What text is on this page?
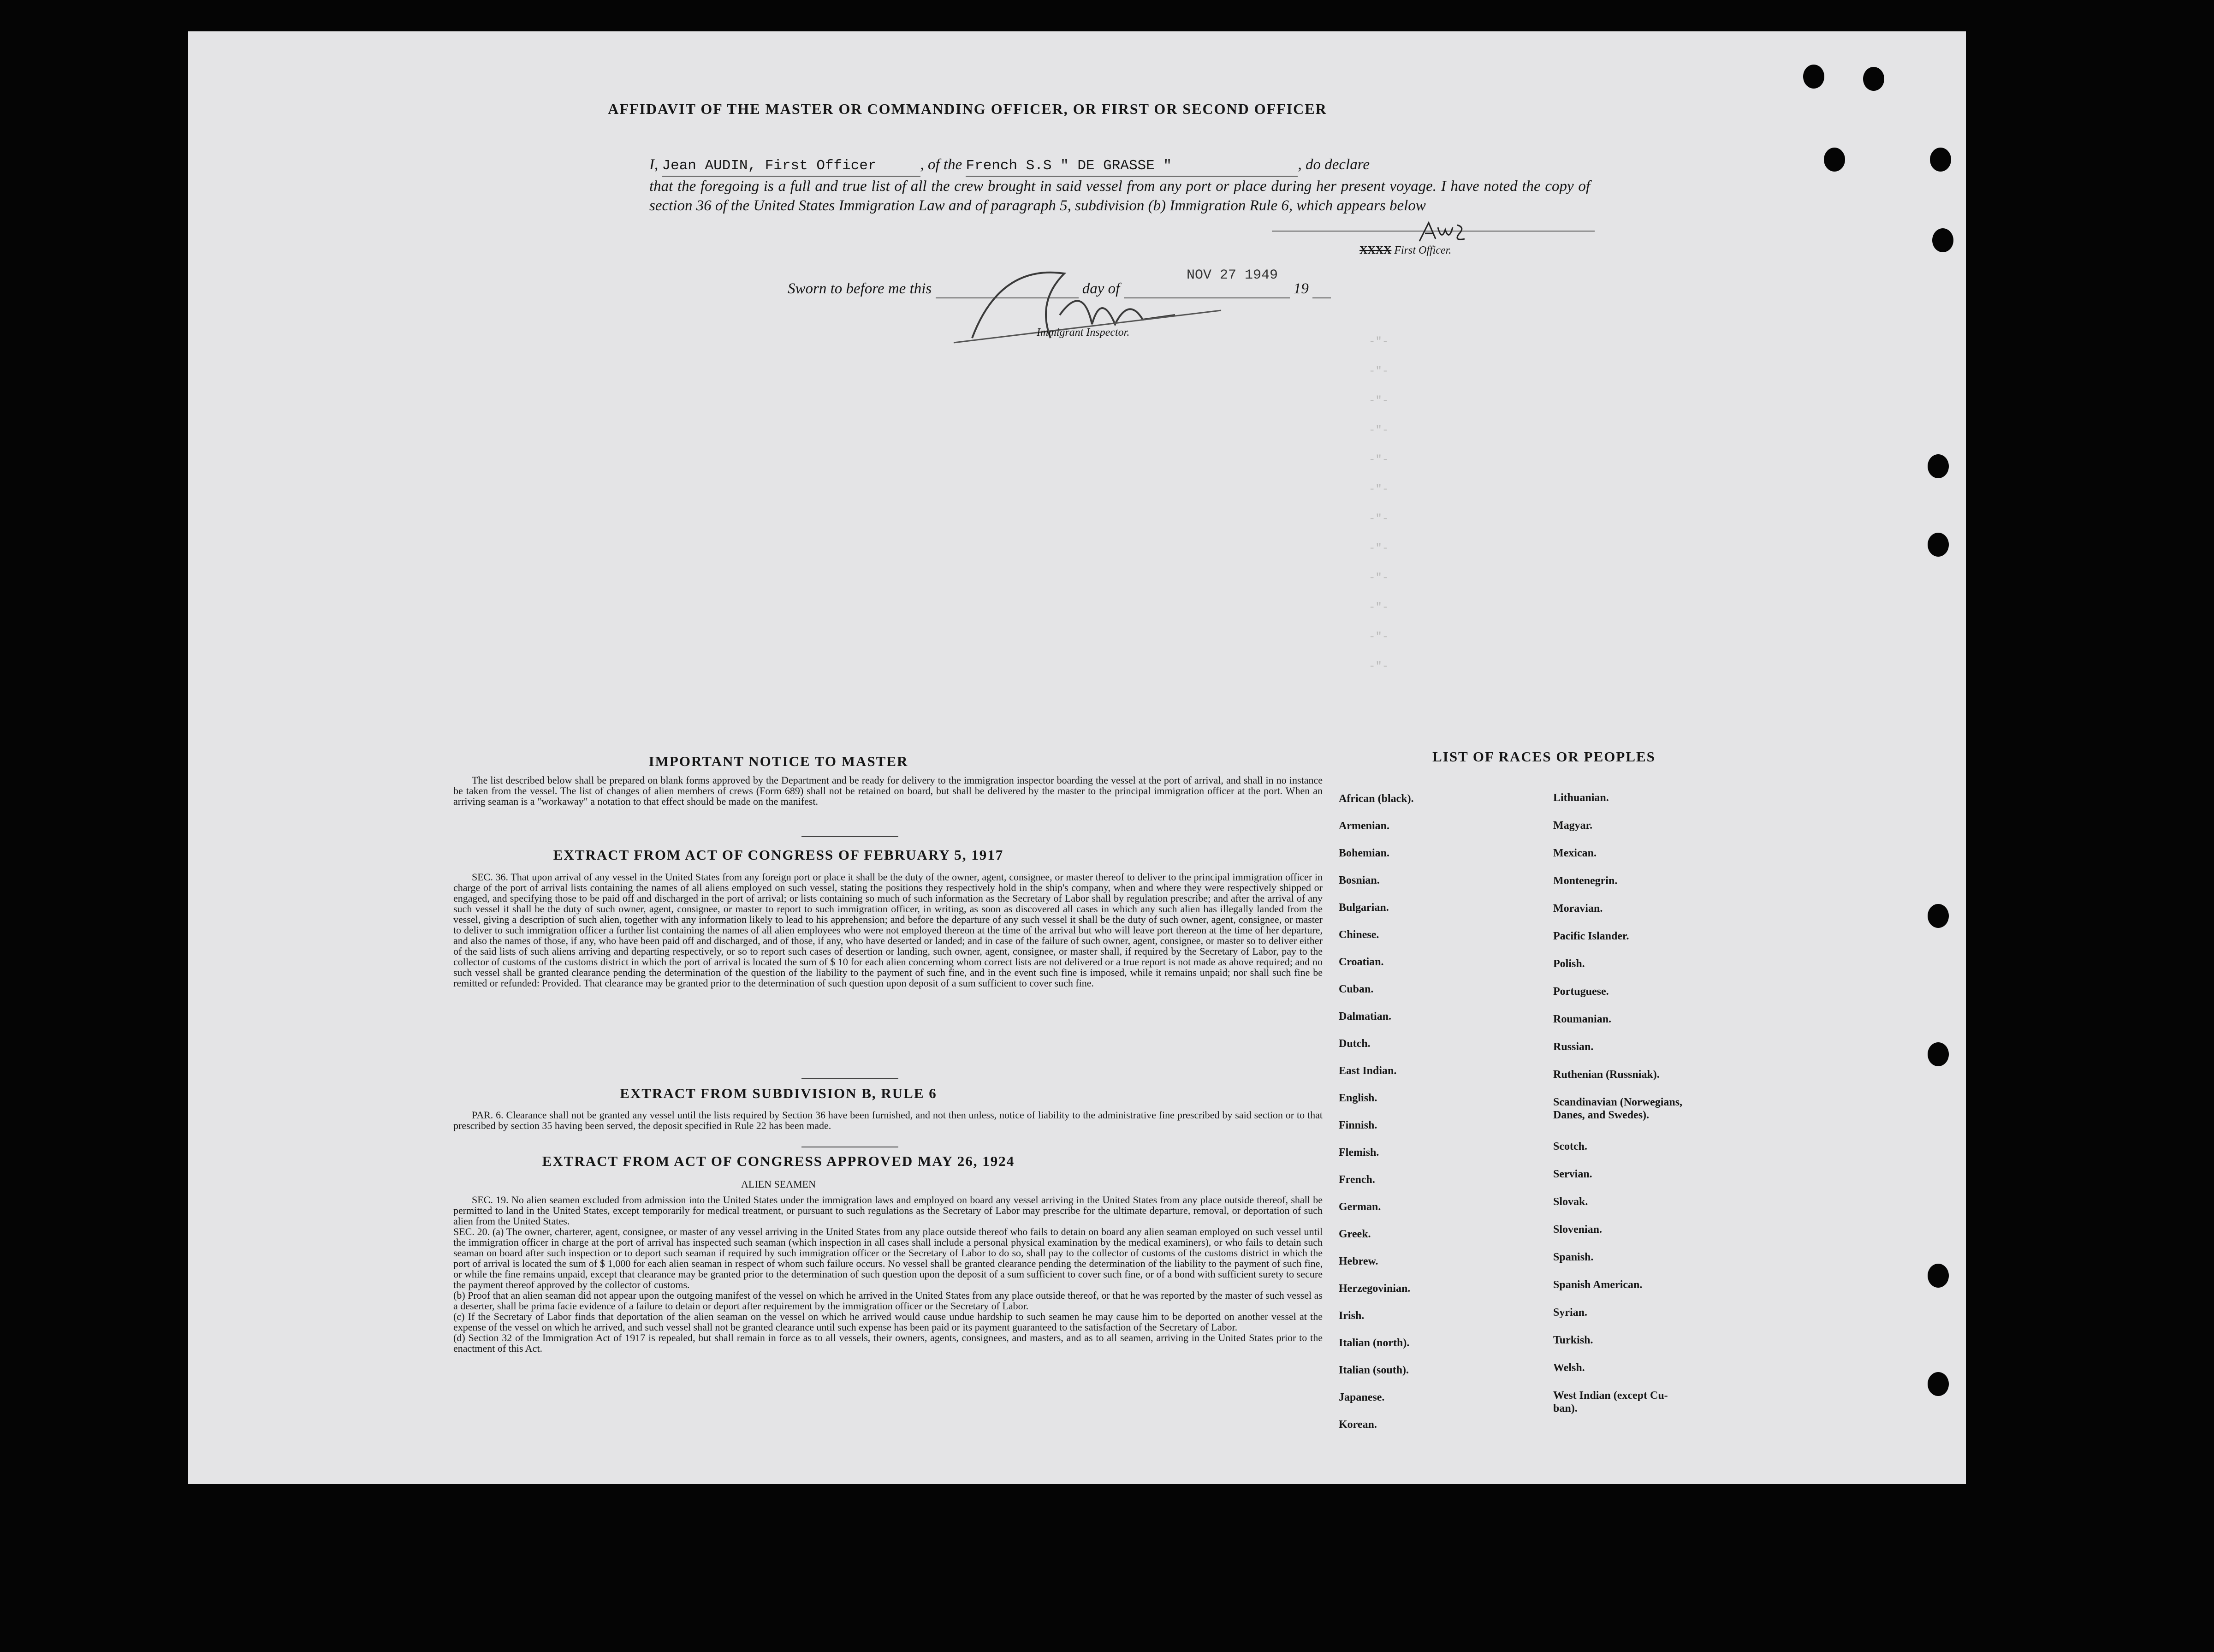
AFFIDAVIT OF THE MASTER OR COMMANDING OFFICER, OR FIRST OR SECOND OFFICER
I, Jean AUDIN, First Officer	, of the French S.S " DE GRASSE "	, do declare
that the foregoing is a full and true list of all the crew brought in said vessel from any port or place during her present voyage. I have noted the copy of section 36 of the United States Immigration Law and of paragraph 5, subdivision (b) Immigration Rule 6, which appears below
XXXX First Officer.
Sworn to before me this	day of	19
NOV 27 1949
Immigrant Inspector.
-"-
-"-
-"-
-"-
-"-
-"-
-"-
-"-
-"-
-"-
-"-
-"-
IMPORTANT NOTICE TO MASTER
The list described below shall be prepared on blank forms approved by the Department and be ready for delivery to the immigration inspector boarding the vessel at the port of arrival, and shall in no instance be taken from the vessel. The list of changes of alien members of crews (Form 689) shall not be retained on board, but shall be delivered by the master to the principal immigration officer at the port. When an arriving seaman is a "workaway" a notation to that effect should be made on the manifest.
EXTRACT FROM ACT OF CONGRESS OF FEBRUARY 5, 1917
SEC. 36. That upon arrival of any vessel in the United States from any foreign port or place it shall be the duty of the owner, agent, consignee, or master thereof to deliver to the principal immigration officer in charge of the port of arrival lists containing the names of all aliens employed on such vessel, stating the positions they respectively hold in the ship's company, when and where they were respectively shipped or engaged, and specifying those to be paid off and discharged in the port of arrival; or lists containing so much of such information as the Secretary of Labor shall by regulation prescribe; and after the arrival of any such vessel it shall be the duty of such owner, agent, consignee, or master to report to such immigration officer, in writing, as soon as discovered all cases in which any such alien has illegally landed from the vessel, giving a description of such alien, together with any information likely to lead to his apprehension; and before the departure of any such vessel it shall be the duty of such owner, agent, consignee, or master to deliver to such immigration officer a further list containing the names of all alien employees who were not employed thereon at the time of the arrival but who will leave port thereon at the time of her departure, and also the names of those, if any, who have been paid off and discharged, and of those, if any, who have deserted or landed; and in case of the failure of such owner, agent, consignee, or master so to deliver either of the said lists of such aliens arriving and departing respectively, or so to report such cases of desertion or landing, such owner, agent, consignee, or master shall, if required by the Secretary of Labor, pay to the collector of customs of the customs district in which the port of arrival is located the sum of $ 10 for each alien concerning whom correct lists are not delivered or a true report is not made as above required; and no such vessel shall be granted clearance pending the determination of the question of the liability to the payment of such fine, and in the event such fine is imposed, while it remains unpaid; nor shall such fine be remitted or refunded: Provided. That clearance may be granted prior to the determination of such question upon deposit of a sum sufficient to cover such fine.
EXTRACT FROM SUBDIVISION B, RULE 6
PAR. 6. Clearance shall not be granted any vessel until the lists required by Section 36 have been furnished, and not then unless, notice of liability to the administrative fine prescribed by said section or to that prescribed by section 35 having been served, the deposit specified in Rule 22 has been made.
EXTRACT FROM ACT OF CONGRESS APPROVED MAY 26, 1924
ALIEN SEAMEN
SEC. 19. No alien seamen excluded from admission into the United States under the immigration laws and employed on board any vessel arriving in the United States from any place outside thereof, shall be permitted to land in the United States, except temporarily for medical treatment, or pursuant to such regulations as the Secretary of Labor may prescribe for the ultimate departure, removal, or deportation of such alien from the United States.
SEC. 20. (a) The owner, charterer, agent, consignee, or master of any vessel arriving in the United States from any place outside thereof who fails to detain on board any alien seaman employed on such vessel until the immigration officer in charge at the port of arrival has inspected such seaman (which inspection in all cases shall include a personal physical examination by the medical examiners), or who fails to detain such seaman on board after such inspection or to deport such seaman if required by such immigration officer or the Secretary of Labor to do so, shall pay to the collector of customs of the customs district in which the port of arrival is located the sum of $ 1,000 for each alien seaman in respect of whom such failure occurs. No vessel shall be granted clearance pending the determination of the liability to the payment of such fine, or while the fine remains unpaid, except that clearance may be granted prior to the determination of such question upon the deposit of a sum sufficient to cover such fine, or of a bond with sufficient surety to secure the payment thereof approved by the collector of customs.
(b) Proof that an alien seaman did not appear upon the outgoing manifest of the vessel on which he arrived in the United States from any place outside thereof, or that he was reported by the master of such vessel as a deserter, shall be prima facie evidence of a failure to detain or deport after requirement by the immigration officer or the Secretary of Labor.
(c) If the Secretary of Labor finds that deportation of the alien seaman on the vessel on which he arrived would cause undue hardship to such seamen he may cause him to be deported on another vessel at the expense of the vessel on which he arrived, and such vessel shall not be granted clearance until such expense has been paid or its payment guaranteed to the satisfaction of the Secretary of Labor.
(d) Section 32 of the Immigration Act of 1917 is repealed, but shall remain in force as to all vessels, their owners, agents, consignees, and masters, and as to all seamen, arriving in the United States prior to the enactment of this Act.
LIST OF RACES OR PEOPLES
African (black).
Armenian.
Bohemian.
Bosnian.
Bulgarian.
Chinese.
Croatian.
Cuban.
Dalmatian.
Dutch.
East Indian.
English.
Finnish.
Flemish.
French.
German.
Greek.
Hebrew.
Herzegovinian.
Irish.
Italian (north).
Italian (south).
Japanese.
Korean.
Lithuanian.
Magyar.
Mexican.
Montenegrin.
Moravian.
Pacific Islander.
Polish.
Portuguese.
Roumanian.
Russian.
Ruthenian (Russniak).
Scandinavian (Norwegians,
Danes, and Swedes).
Scotch.
Servian.
Slovak.
Slovenian.
Spanish.
Spanish American.
Syrian.
Turkish.
Welsh.
West Indian (except Cu-
ban).
